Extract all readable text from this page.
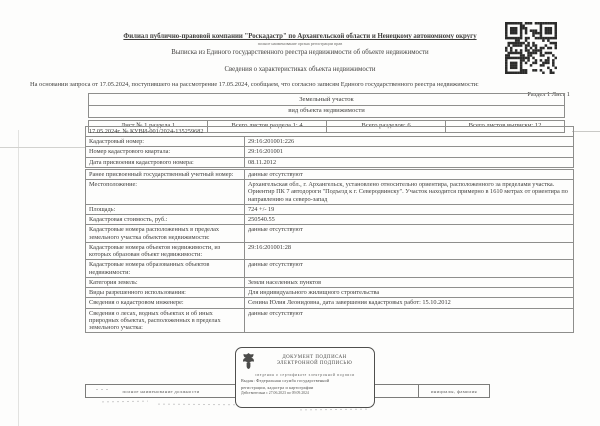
Филиал публично-правовой компании "Роскадастр" по Архангельской области и Ненецкому автономному округу
полное наименование органа регистрации прав
Выписка из Единого государственного реестра недвижимости об объекте недвижимости
Сведения о характеристиках объекта недвижимости
На основании запроса от 17.05.2024, поступившего на рассмотрение 17.05.2024, сообщаем, что согласно записям Единого государственного реестра недвижимости:
Раздел 1 Лист 1
Земельный участок
вид объекта недвижимости
Лист № 1 раздела 1	Всего листов раздела 1: 4	Всего разделов: 6	Всего листов выписки: 12
17.05.2024г. № КУВИ-001/2024-135259682
Кадастровый номер:	29:16:201001:226
Номер кадастрового квартала:	29:16:201001
Дата присвоения кадастрового номера:	08.11.2012
Ранее присвоенный государственный учетный номер:	данные отсутствуют
Местоположение:	Архангельская обл., г. Архангельск, установлено относительно ориентира, расположенного за пределами участка. Ориентир ПК 7 автодороги "Подъезд к г. Северодвинску". Участок находится примерно в 1610 метрах от ориентира по направлению на северо-запад
Площадь:	724 +/- 19
Кадастровая стоимость, руб.:	250540.55
Кадастровые номера расположенных в пределах земельного участка объектов недвижимости:
данные отсутствуют
Кадастровые номера объектов недвижимости, из которых образован объект недвижимости:
29:16:201001:28
Кадастровые номера образованных объектов недвижимости:
данные отсутствуют
Категория земель:	Земли населенных пунктов
Виды разрешенного использования:	Для индивидуального жилищного строительства
Сведения о кадастровом инженере:	Сенина Юлия Леонидовна, дата завершения кадастровых работ: 15.10.2012
Сведения о лесах, водных объектах и об иных природных объектах, расположенных в пределах земельного участка:
данные отсутствуют
полное наименование должности	инициалы, фамилия
ДОКУМЕНТ ПОДПИСАН
ЭЛЕКТРОННОЙ ПОДПИСЬЮ
сведения о сертификате электронной подписи
Выдан: Федеральная служба государственной
регистрации, кадастра и картографии
Действительна с 27.06.2023 по 09.09.2024
